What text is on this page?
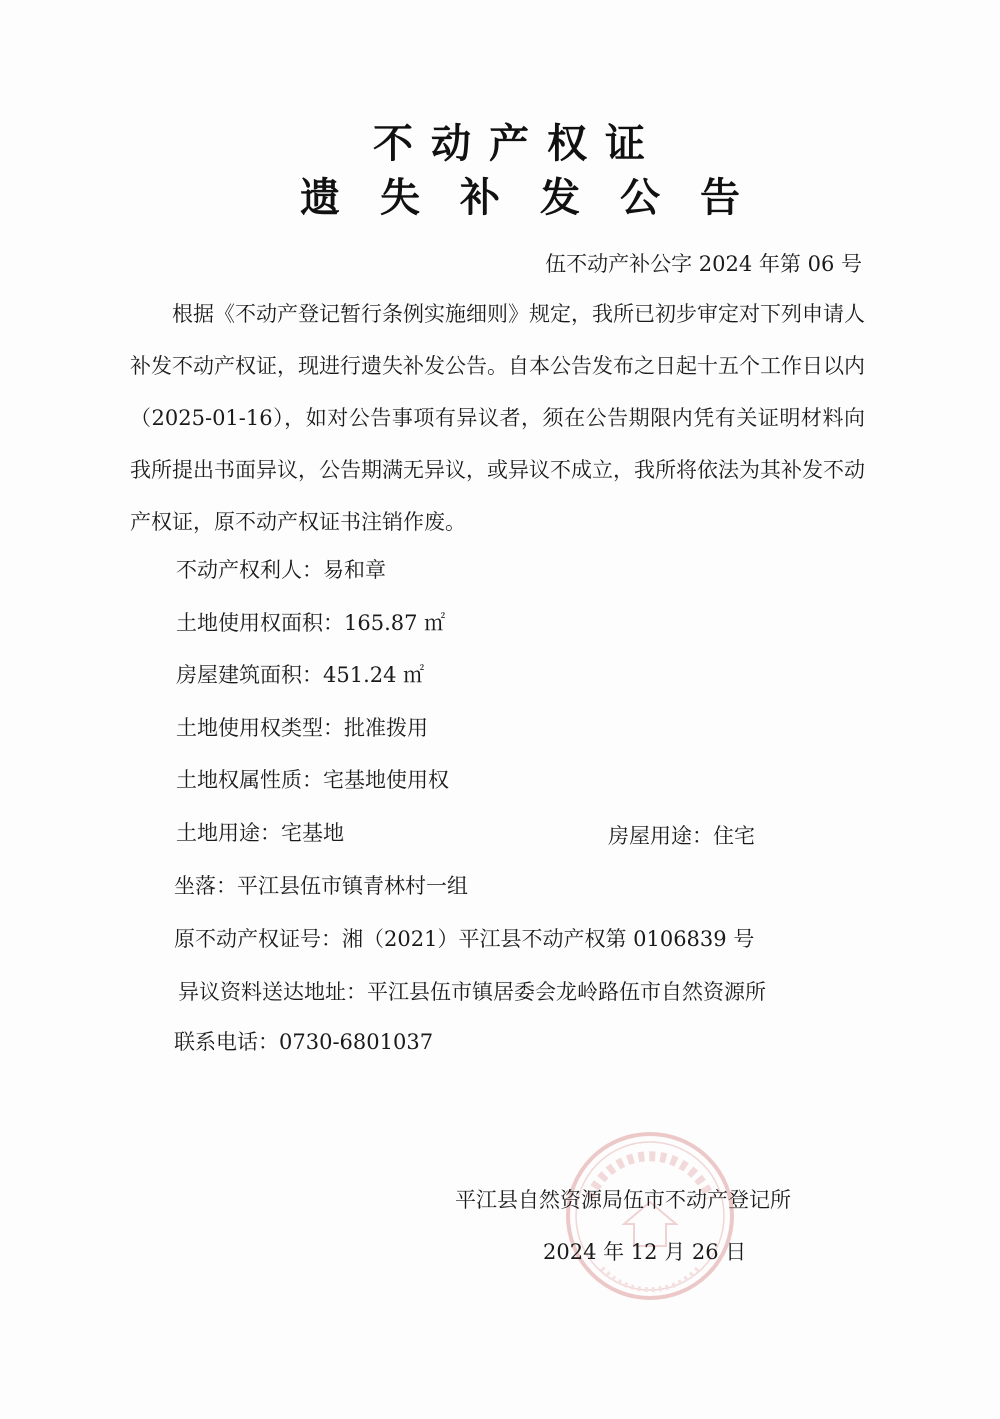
不动产权证
遗失补发公告
伍不动产补公字 2024 年第 06 号
根据《不动产登记暂行条例实施细则》规定，我所已初步审定对下列申请人补发不动产权证，现进行遗失补发公告。自本公告发布之日起十五个工作日以内（2025-01-16），如对公告事项有异议者，须在公告期限内凭有关证明材料向我所提出书面异议，公告期满无异议，或异议不成立，我所将依法为其补发不动产权证，原不动产权证书注销作废。
不动产权利人：易和章
土地使用权面积：165.87 ㎡
房屋建筑面积：451.24 ㎡
土地使用权类型：批准拨用
土地权属性质：宅基地使用权
土地用途：宅基地	房屋用途：住宅
坐落：平江县伍市镇青林村一组
原不动产权证号：湘（2021）平江县不动产权第 0106839 号
异议资料送达地址：平江县伍市镇居委会龙岭路伍市自然资源所
联系电话：0730-6801037
平江县自然资源局伍市不动产登记所
2024 年 12 月 26 日
